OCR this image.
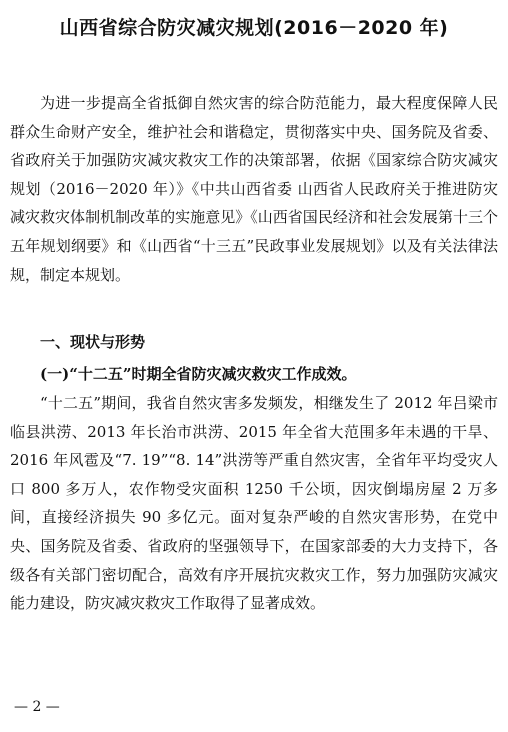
山西省综合防灾减灾规划(2016－2020 年)

为进一步提高全省抵御自然灾害的综合防范能力，最大程度保障人民群众生命财产安全，维护社会和谐稳定，贯彻落实中央、国务院及省委、省政府关于加强防灾减灾救灾工作的决策部署，依据《国家综合防灾减灾规划（2016－2020 年）》《中共山西省委 山西省人民政府关于推进防灾减灾救灾体制机制改革的实施意见》《山西省国民经济和社会发展第十三个五年规划纲要》和《山西省“十三五”民政事业发展规划》以及有关法律法规，制定本规划。

一、现状与形势
(一)“十二五”时期全省防灾减灾救灾工作成效。

“十二五”期间，我省自然灾害多发频发，相继发生了 2012 年吕梁市临县洪涝、2013 年长治市洪涝、2015 年全省大范围多年未遇的干旱、2016 年风雹及“7. 19”“8. 14”洪涝等严重自然灾害，全省年平均受灾人口 800 多万人，农作物受灾面积 1250 千公顷，因灾倒塌房屋 2 万多间，直接经济损失 90 多亿元。面对复杂严峻的自然灾害形势，在党中央、国务院及省委、省政府的坚强领导下，在国家部委的大力支持下，各级各有关部门密切配合，高效有序开展抗灾救灾工作，努力加强防灾减灾能力建设，防灾减灾救灾工作取得了显著成效。

— 2 —
